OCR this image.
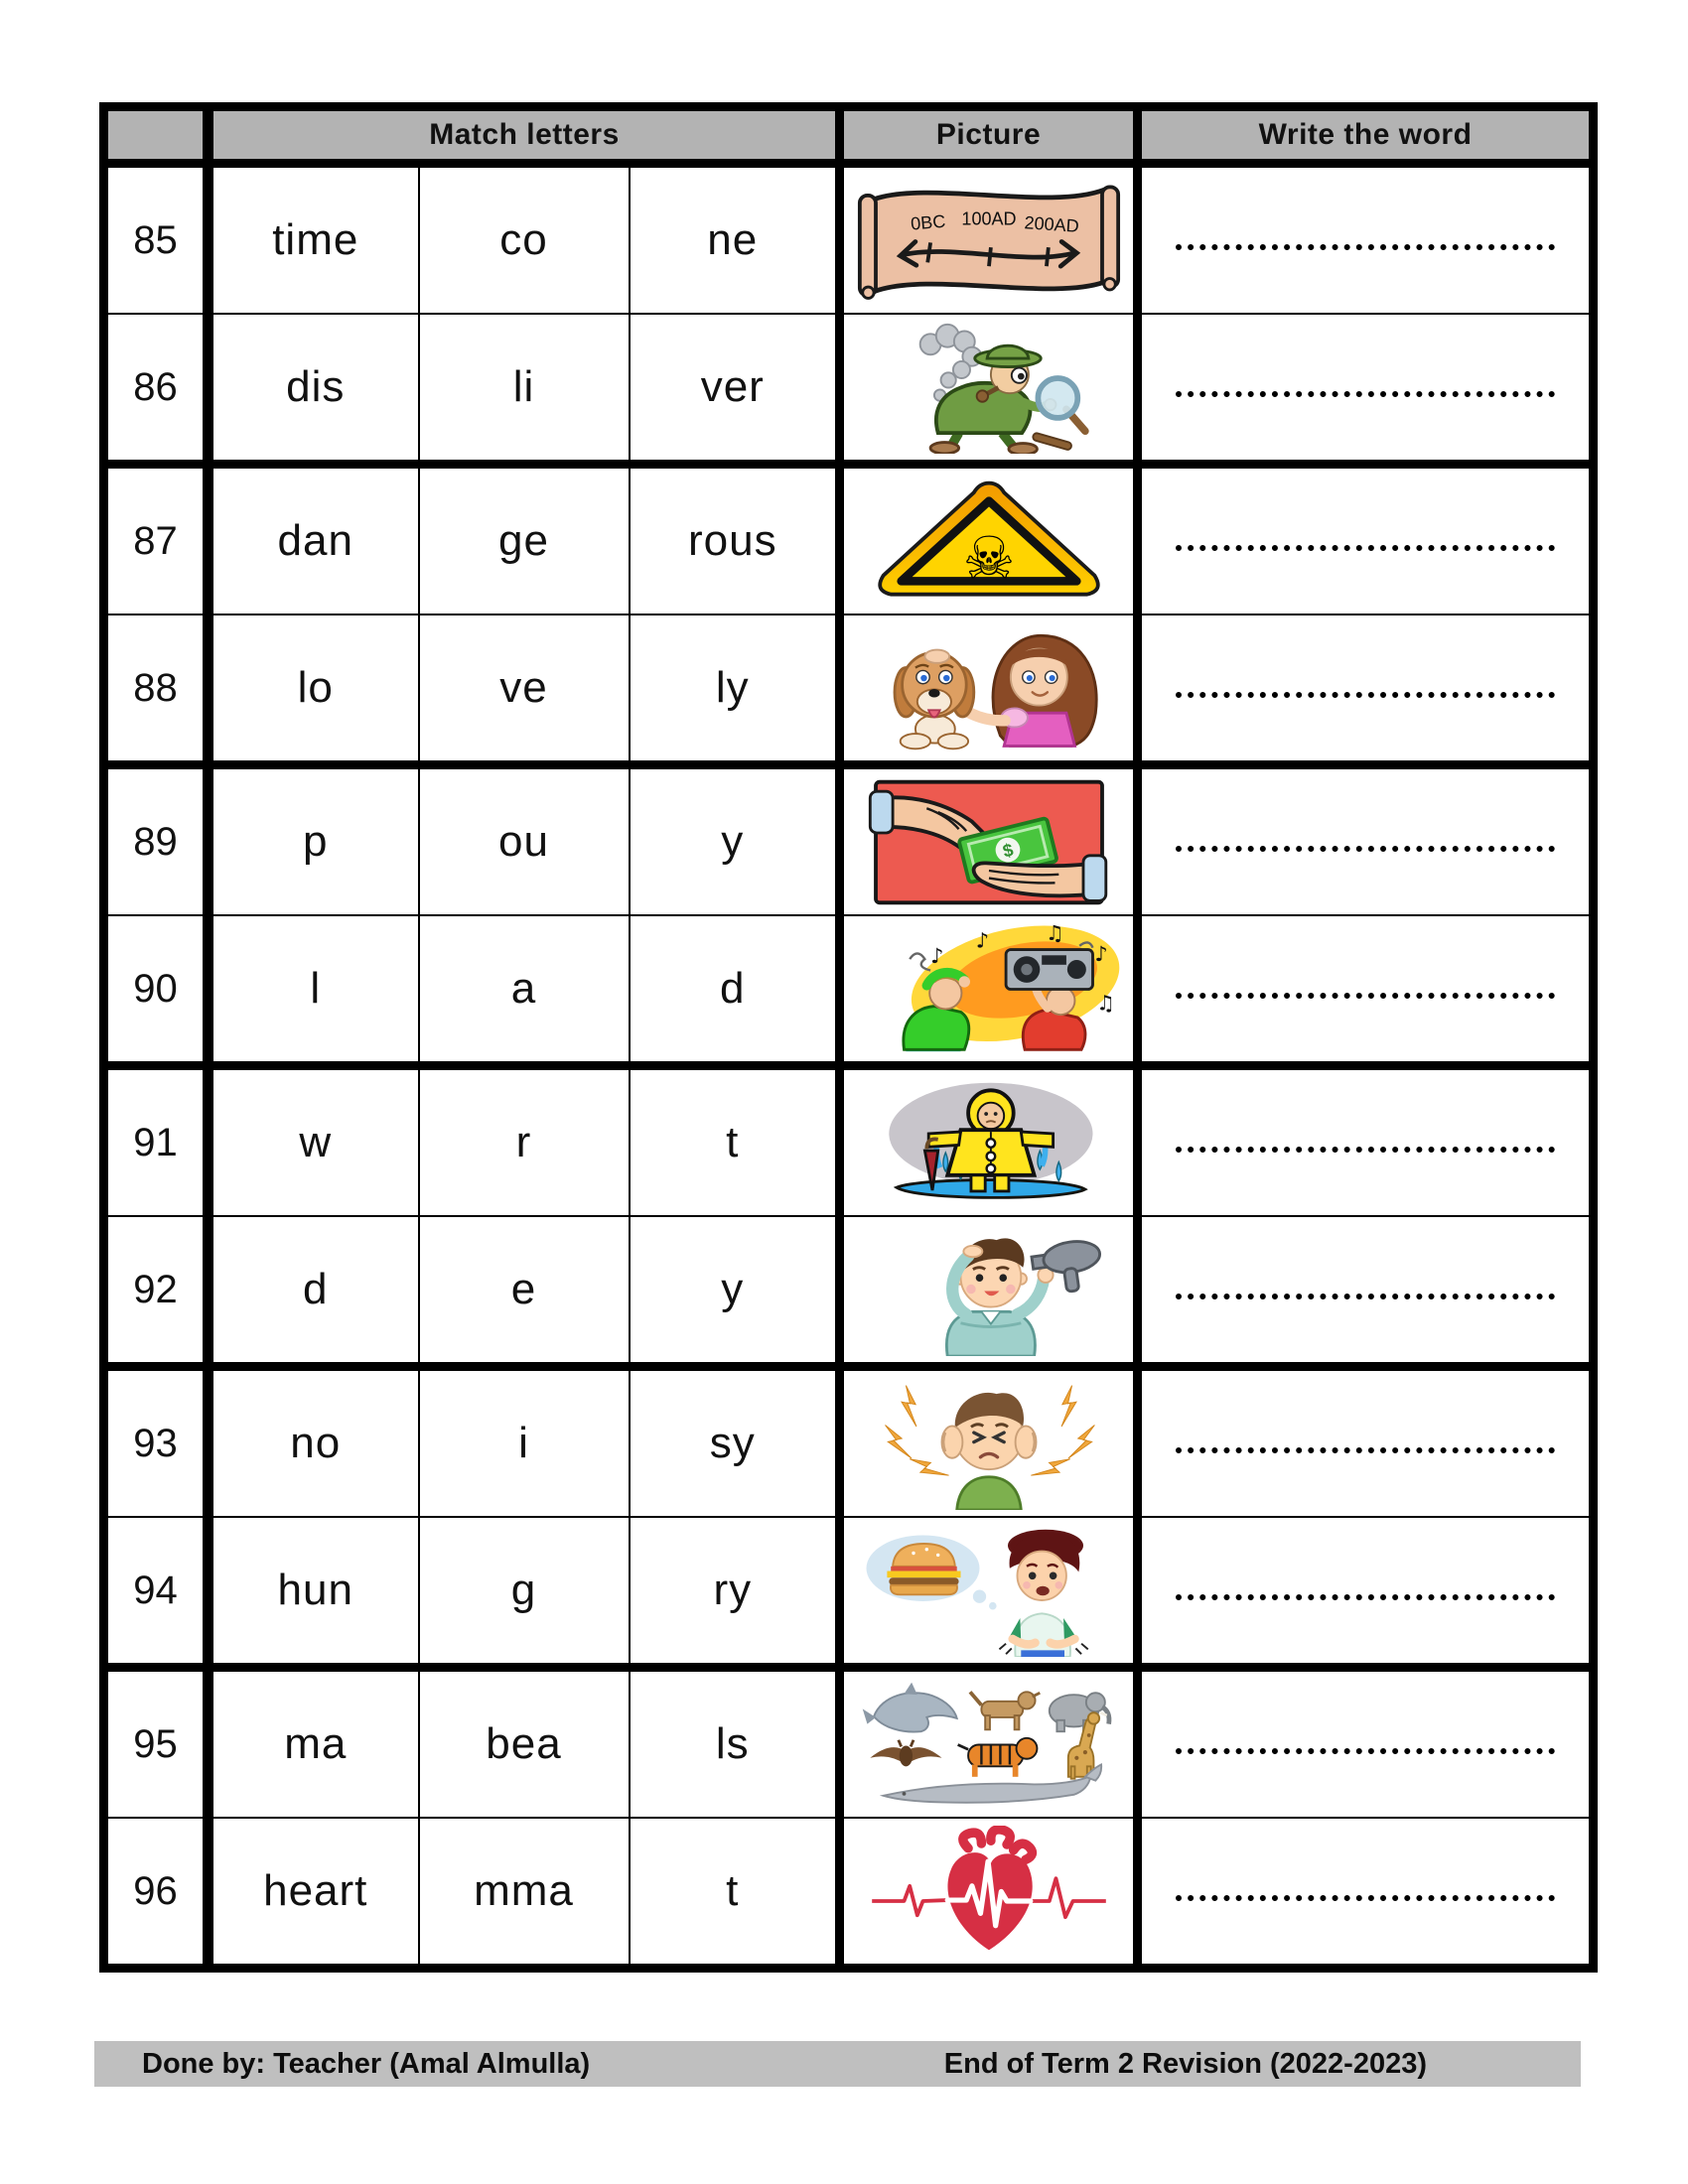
	Match letters			Picture	Write the word
85	time	co	ne	0BC 100AD 200AD	

86	dis	li	ver	

87	dan	ge	rous	☠	

88	lo	ve	ly	

89	p	ou	y	$	

90	l	a	d	♪ ♫
♪
♫
♪	

91	w	r	t	

92	d	e	y	

93	no	i	sy	

94	hun	g	ry	

95	ma	bea	ls	

96	heart	mma	t	

Done by: Teacher (Amal Almulla)	End of Term 2 Revision (2022-2023)
